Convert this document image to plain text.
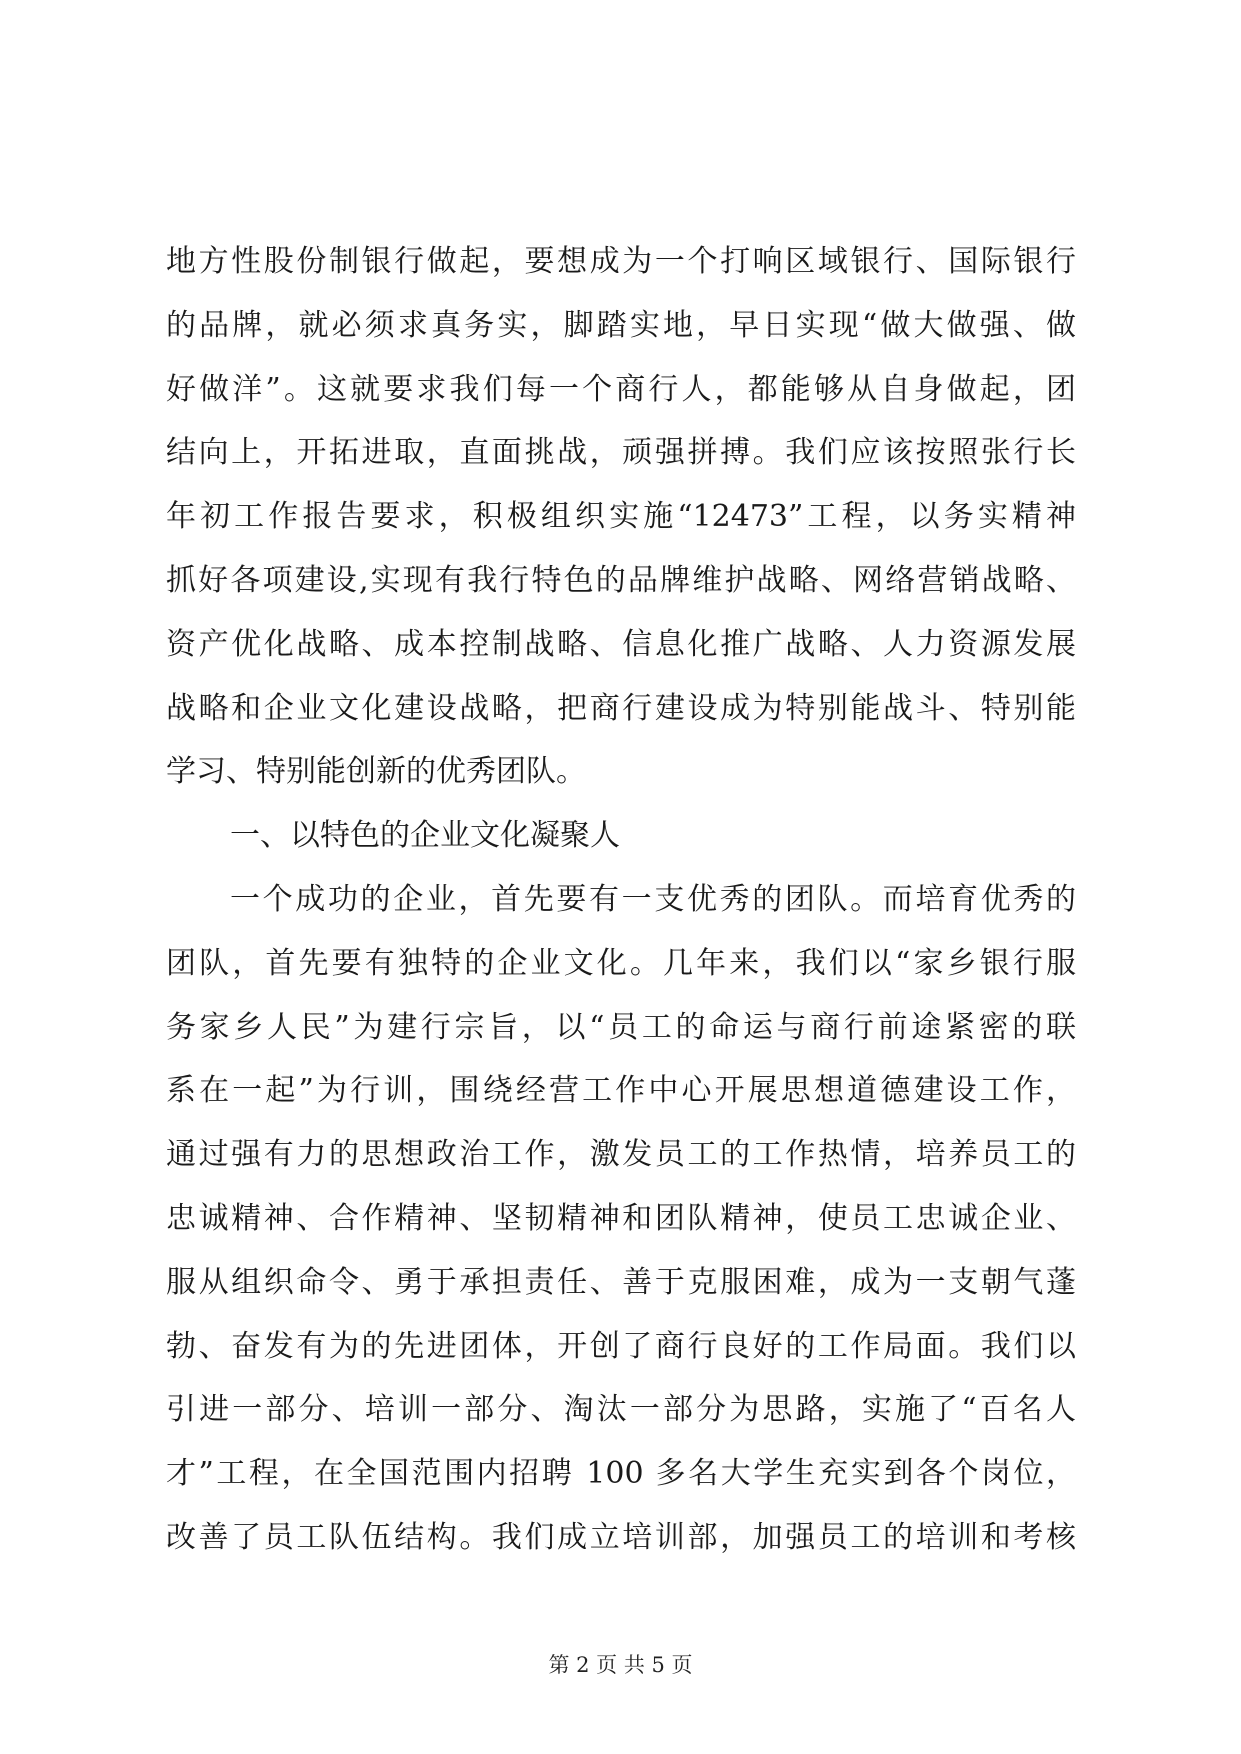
地方性股份制银行做起，要想成为一个打响区域银行、国际银行
的品牌，就必须求真务实，脚踏实地，早日实现“做大做强、做
好做洋”。这就要求我们每一个商行人，都能够从自身做起，团
结向上，开拓进取，直面挑战，顽强拼搏。我们应该按照张行长
年初工作报告要求，积极组织实施“12473”工程，以务实精神
抓好各项建设,实现有我行特色的品牌维护战略、网络营销战略、
资产优化战略、成本控制战略、信息化推广战略、人力资源发展
战略和企业文化建设战略，把商行建设成为特别能战斗、特别能
学习、特别能创新的优秀团队。
一、以特色的企业文化凝聚人
一个成功的企业，首先要有一支优秀的团队。而培育优秀的
团队，首先要有独特的企业文化。几年来，我们以“家乡银行服
务家乡人民”为建行宗旨，以“员工的命运与商行前途紧密的联
系在一起”为行训，围绕经营工作中心开展思想道德建设工作，
通过强有力的思想政治工作，激发员工的工作热情，培养员工的
忠诚精神、合作精神、坚韧精神和团队精神，使员工忠诚企业、
服从组织命令、勇于承担责任、善于克服困难，成为一支朝气蓬
勃、奋发有为的先进团体，开创了商行良好的工作局面。我们以
引进一部分、培训一部分、淘汰一部分为思路，实施了“百名人
才”工程，在全国范围内招聘 100 多名大学生充实到各个岗位，
改善了员工队伍结构。我们成立培训部，加强员工的培训和考核
第 2 页 共 5 页
